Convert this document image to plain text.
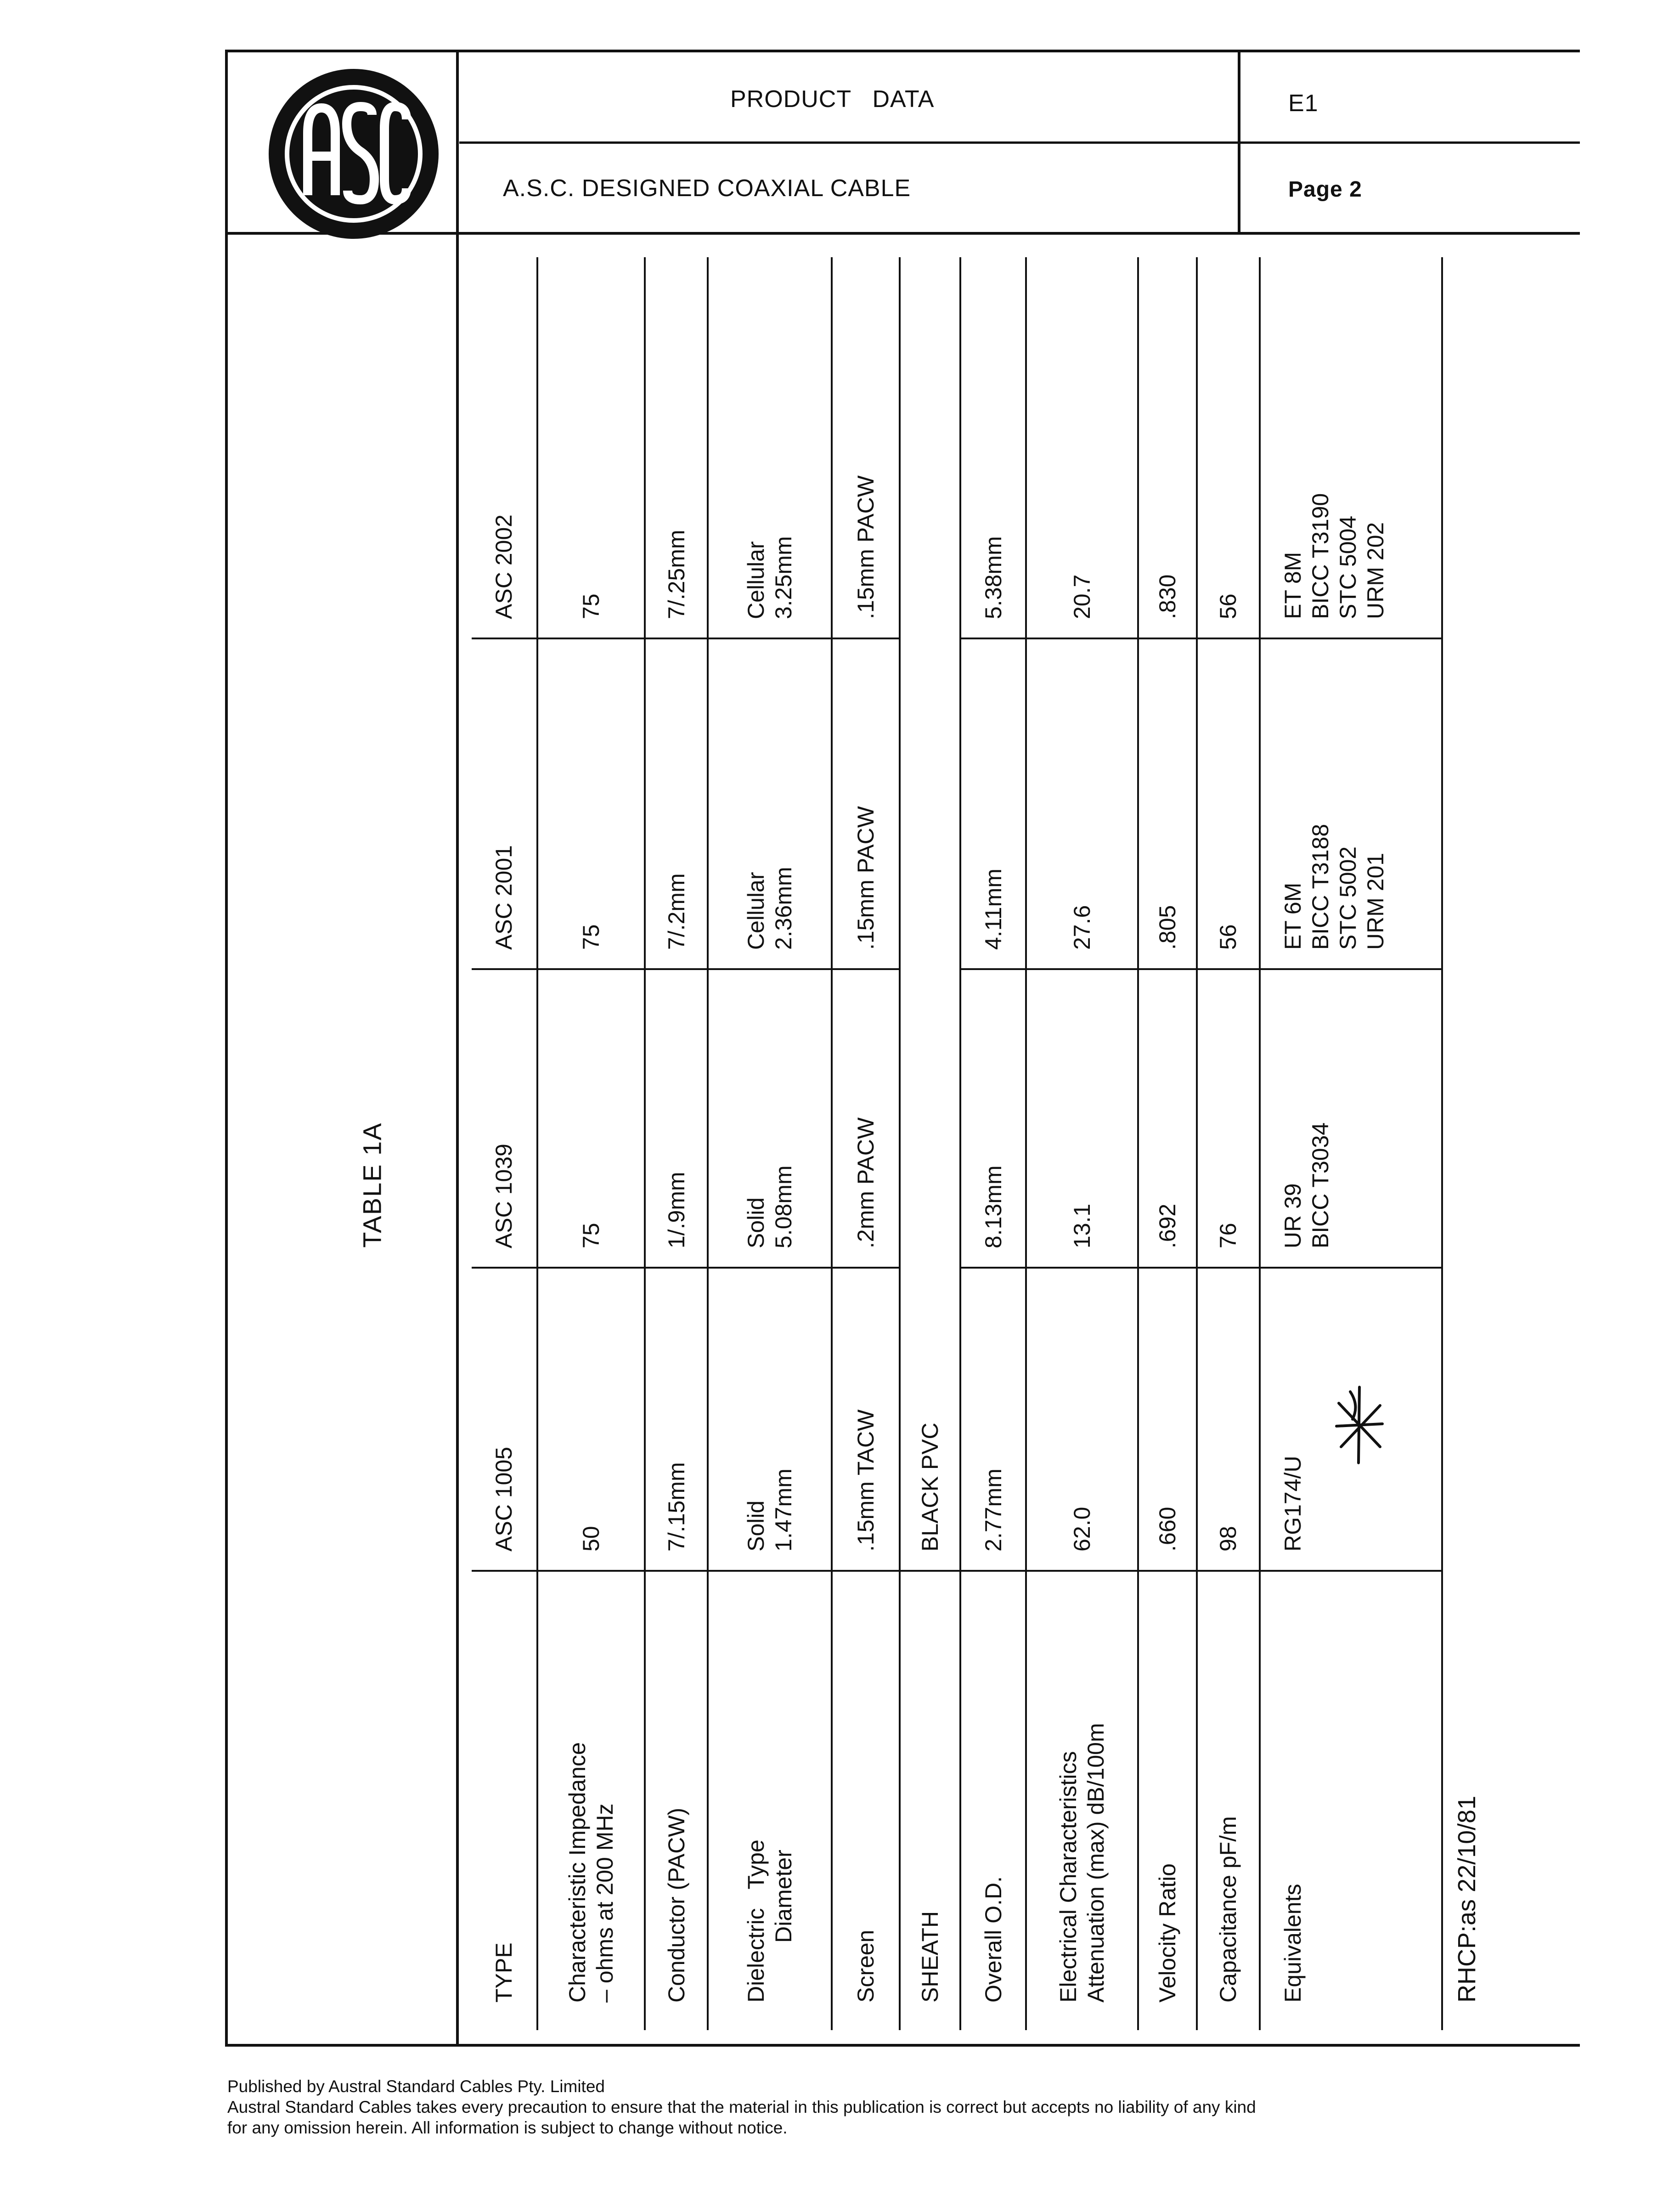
PRODUCT   DATA	E1
A.S.C. DESIGNED COAXIAL CABLE	Page 2
TABLE 1A
TYPE	ASC 1005	ASC 1039	ASC 2001	ASC 2002

Characteristic Impedance – ohms at 200 MHz	50	75	75	75
Conductor (PACW)	7/.15mm	1/.9mm	7/.2mm	7/.25mm

Dielectric   Type Diameter	Solid 1.47mm	Solid 5.08mm	Cellular 2.36mm	Cellular 3.25mm

Screen	.15mm TACW	.2mm PACW	.15mm PACW	.15mm PACW
SHEATH	BLACK PVC			
Overall O.D.	2.77mm	8.13mm	4.11mm	5.38mm

Electrical Characteristics Attenuation (max) dB/100m	62.0	13.1	27.6	20.7
Velocity Ratio	.660	.692	.805	.830
Capacitance pF/m	98	76	56	56
Equivalents	RG174/U	UR 39 BICC T3034	ET 6M BICC T3188 STC 5002 URM 201	ET 8M BICC T3190 STC 5004 URM 202

RHCP:as 22/10/81				
Published by Austral Standard Cables Pty. Limited
Austral Standard Cables takes every precaution to ensure that the material in this publication is correct but accepts no liability of any kind
for any omission herein. All information is subject to change without notice.
